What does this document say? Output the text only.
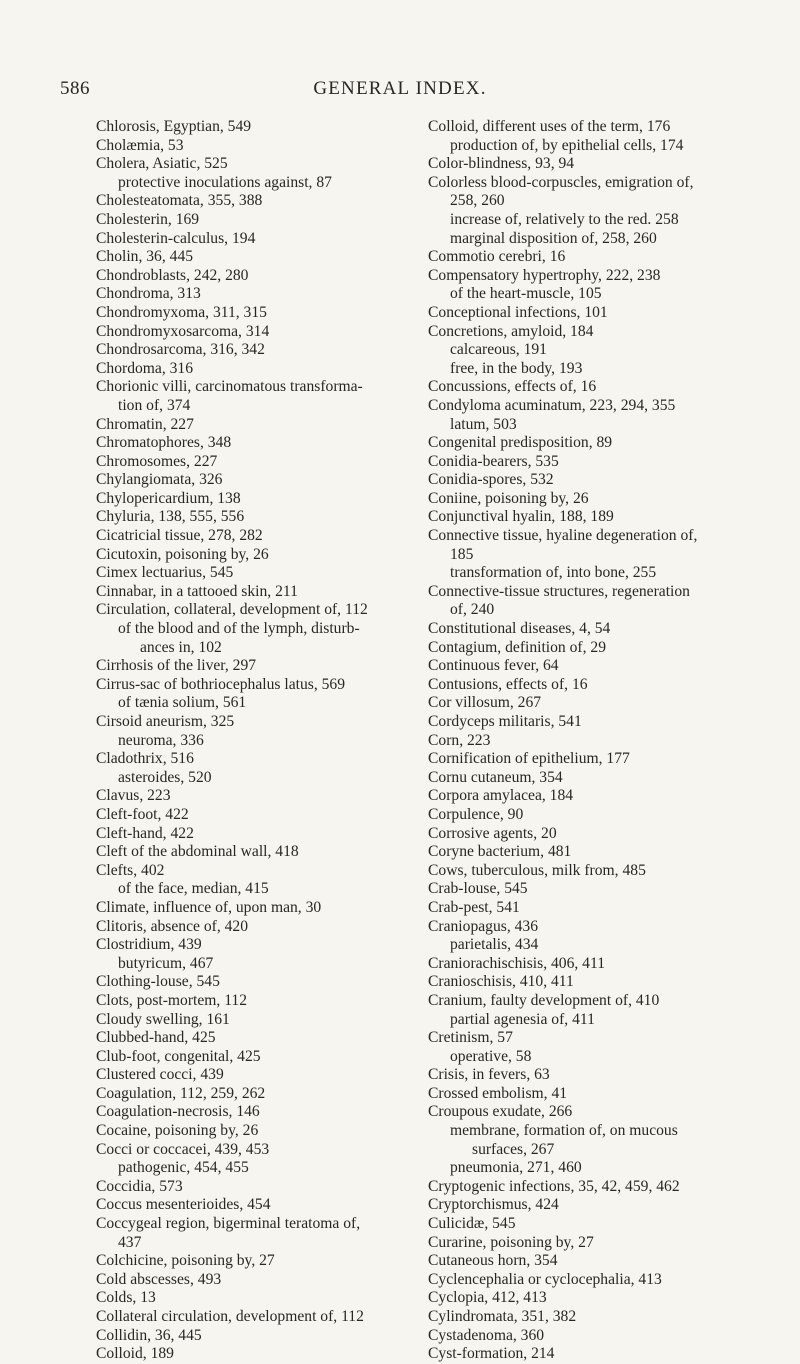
586	GENERAL INDEX.
Chlorosis, Egyptian, 549
Cholæmia, 53
Cholera, Asiatic, 525
protective inoculations against, 87
Cholesteatomata, 355, 388
Cholesterin, 169
Cholesterin-calculus, 194
Cholin, 36, 445
Chondroblasts, 242, 280
Chondroma, 313
Chondromyxoma, 311, 315
Chondromyxosarcoma, 314
Chondrosarcoma, 316, 342
Chordoma, 316
Chorionic villi, carcinomatous transforma-
tion of, 374
Chromatin, 227
Chromatophores, 348
Chromosomes, 227
Chylangiomata, 326
Chylopericardium, 138
Chyluria, 138, 555, 556
Cicatricial tissue, 278, 282
Cicutoxin, poisoning by, 26
Cimex lectuarius, 545
Cinnabar, in a tattooed skin, 211
Circulation, collateral, development of, 112
of the blood and of the lymph, disturb-
ances in, 102
Cirrhosis of the liver, 297
Cirrus-sac of bothriocephalus latus, 569
of tænia solium, 561
Cirsoid aneurism, 325
neuroma, 336
Cladothrix, 516
asteroides, 520
Clavus, 223
Cleft-foot, 422
Cleft-hand, 422
Cleft of the abdominal wall, 418
Clefts, 402
of the face, median, 415
Climate, influence of, upon man, 30
Clitoris, absence of, 420
Clostridium, 439
butyricum, 467
Clothing-louse, 545
Clots, post-mortem, 112
Cloudy swelling, 161
Clubbed-hand, 425
Club-foot, congenital, 425
Clustered cocci, 439
Coagulation, 112, 259, 262
Coagulation-necrosis, 146
Cocaine, poisoning by, 26
Cocci or coccacei, 439, 453
pathogenic, 454, 455
Coccidia, 573
Coccus mesenterioides, 454
Coccygeal region, bigerminal teratoma of,
437
Colchicine, poisoning by, 27
Cold abscesses, 493
Colds, 13
Collateral circulation, development of, 112
Collidin, 36, 445
Colloid, 189
Colloid, different uses of the term, 176
production of, by epithelial cells, 174
Color-blindness, 93, 94
Colorless blood-corpuscles, emigration of,
258, 260
increase of, relatively to the red. 258
marginal disposition of, 258, 260
Commotio cerebri, 16
Compensatory hypertrophy, 222, 238
of the heart-muscle, 105
Conceptional infections, 101
Concretions, amyloid, 184
calcareous, 191
free, in the body, 193
Concussions, effects of, 16
Condyloma acuminatum, 223, 294, 355
latum, 503
Congenital predisposition, 89
Conidia-bearers, 535
Conidia-spores, 532
Coniine, poisoning by, 26
Conjunctival hyalin, 188, 189
Connective tissue, hyaline degeneration of,
185
transformation of, into bone, 255
Connective-tissue structures, regeneration
of, 240
Constitutional diseases, 4, 54
Contagium, definition of, 29
Continuous fever, 64
Contusions, effects of, 16
Cor villosum, 267
Cordyceps militaris, 541
Corn, 223
Cornification of epithelium, 177
Cornu cutaneum, 354
Corpora amylacea, 184
Corpulence, 90
Corrosive agents, 20
Coryne bacterium, 481
Cows, tuberculous, milk from, 485
Crab-louse, 545
Crab-pest, 541
Craniopagus, 436
parietalis, 434
Craniorachischisis, 406, 411
Cranioschisis, 410, 411
Cranium, faulty development of, 410
partial agenesia of, 411
Cretinism, 57
operative, 58
Crisis, in fevers, 63
Crossed embolism, 41
Croupous exudate, 266
membrane, formation of, on mucous
surfaces, 267
pneumonia, 271, 460
Cryptogenic infections, 35, 42, 459, 462
Cryptorchismus, 424
Culicidæ, 545
Curarine, poisoning by, 27
Cutaneous horn, 354
Cyclencephalia or cyclocephalia, 413
Cyclopia, 412, 413
Cylindromata, 351, 382
Cystadenoma, 360
Cyst-formation, 214
